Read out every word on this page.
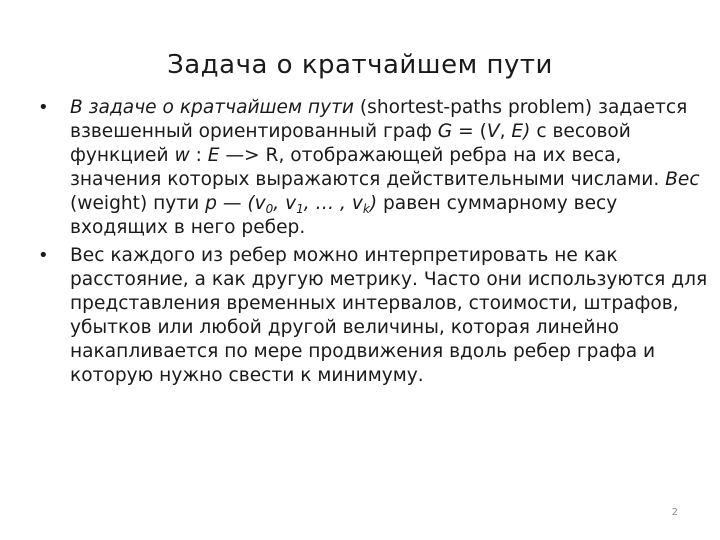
Задача о кратчайшем пути
• В задаче о кратчайшем пути (shortest-paths problem) задается взвешенный ориентированный граф G = (V, E) с весовой функцией w : E —> R, отображающей ребра на их веса, значения которых выражаются действительными числами. Вес (weight) пути p — ($v_0$, $v_1$, … , $v_k$) равен суммарному весу входящих в него ребер.
• Вес каждого из ребер можно интерпретировать не как расстояние, а как другую метрику. Часто они используются для представления временных интервалов, стоимости, штрафов, убытков или любой другой величины, которая линейно накапливается по мере продвижения вдоль ребер графа и которую нужно свести к минимуму.
2
